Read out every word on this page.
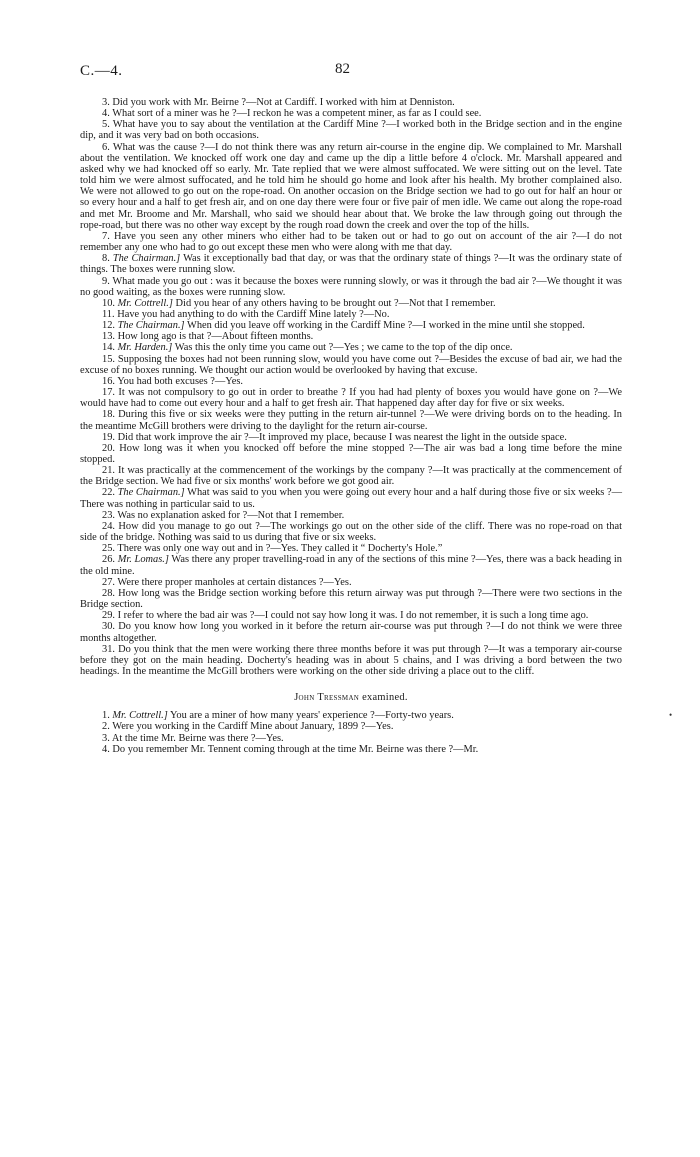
C.—4.	82

3. Did you work with Mr. Beirne ?—Not at Cardiff. I worked with him at Denniston.

4. What sort of a miner was he ?—I reckon he was a competent miner, as far as I could see.

5. What have you to say about the ventilation at the Cardiff Mine ?—I worked both in the Bridge section and in the engine dip, and it was very bad on both occasions.

6. What was the cause ?—I do not think there was any return air-course in the engine dip. We complained to Mr. Marshall about the ventilation. We knocked off work one day and came up the dip a little before 4 o'clock. Mr. Marshall appeared and asked why we had knocked off so early. Mr. Tate replied that we were almost suffocated. We were sitting out on the level. Tate told him we were almost suffocated, and he told him he should go home and look after his health. My brother complained also. We were not allowed to go out on the rope-road. On another occasion on the Bridge section we had to go out for half an hour or so every hour and a half to get fresh air, and on one day there were four or five pair of men idle. We came out along the rope-road and met Mr. Broome and Mr. Marshall, who said we should hear about that. We broke the law through going out through the rope-road, but there was no other way except by the rough road down the creek and over the top of the hills.

7. Have you seen any other miners who either had to be taken out or had to go out on account of the air ?—I do not remember any one who had to go out except these men who were along with me that day.

8. The Chairman.] Was it exceptionally bad that day, or was that the ordinary state of things ?—It was the ordinary state of things. The boxes were running slow.

9. What made you go out : was it because the boxes were running slowly, or was it through the bad air ?—We thought it was no good waiting, as the boxes were running slow.

10. Mr. Cottrell.] Did you hear of any others having to be brought out ?—Not that I remember.

11. Have you had anything to do with the Cardiff Mine lately ?—No.

12. The Chairman.] When did you leave off working in the Cardiff Mine ?—I worked in the mine until she stopped.

13. How long ago is that ?—About fifteen months.

14. Mr. Harden.] Was this the only time you came out ?—Yes ; we came to the top of the dip once.

15. Supposing the boxes had not been running slow, would you have come out ?—Besides the excuse of bad air, we had the excuse of no boxes running. We thought our action would be overlooked by having that excuse.

16. You had both excuses ?—Yes.

17. It was not compulsory to go out in order to breathe ? If you had had plenty of boxes you would have gone on ?—We would have had to come out every hour and a half to get fresh air. That happened day after day for five or six weeks.

18. During this five or six weeks were they putting in the return air-tunnel ?—We were driving bords on to the heading. In the meantime McGill brothers were driving to the daylight for the return air-course.

19. Did that work improve the air ?—It improved my place, because I was nearest the light in the outside space.

20. How long was it when you knocked off before the mine stopped ?—The air was bad a long time before the mine stopped.

21. It was practically at the commencement of the workings by the company ?—It was practically at the commencement of the Bridge section. We had five or six months' work before we got good air.

22. The Chairman.] What was said to you when you were going out every hour and a half during those five or six weeks ?—There was nothing in particular said to us.

23. Was no explanation asked for ?—Not that I remember.

24. How did you manage to go out ?—The workings go out on the other side of the cliff. There was no rope-road on that side of the bridge. Nothing was said to us during that five or six weeks.

25. There was only one way out and in ?—Yes. They called it “ Docherty's Hole.”

26. Mr. Lomas.] Was there any proper travelling-road in any of the sections of this mine ?—Yes, there was a back heading in the old mine.

27. Were there proper manholes at certain distances ?—Yes.

28. How long was the Bridge section working before this return airway was put through ?—There were two sections in the Bridge section.

29. I refer to where the bad air was ?—I could not say how long it was. I do not remember, it is such a long time ago.

30. Do you know how long you worked in it before the return air-course was put through ?—I do not think we were three months altogether.

31. Do you think that the men were working there three months before it was put through ?—It was a temporary air-course before they got on the main heading. Docherty's heading was in about 5 chains, and I was driving a bord between the two headings. In the meantime the McGill brothers were working on the other side driving a place out to the cliff.

John Tressman examined.

1. Mr. Cottrell.] You are a miner of how many years' experience ?—Forty-two years.

2. Were you working in the Cardiff Mine about January, 1899 ?—Yes.

3. At the time Mr. Beirne was there ?—Yes.

4. Do you remember Mr. Tennent coming through at the time Mr. Beirne was there ?—Mr.

•
